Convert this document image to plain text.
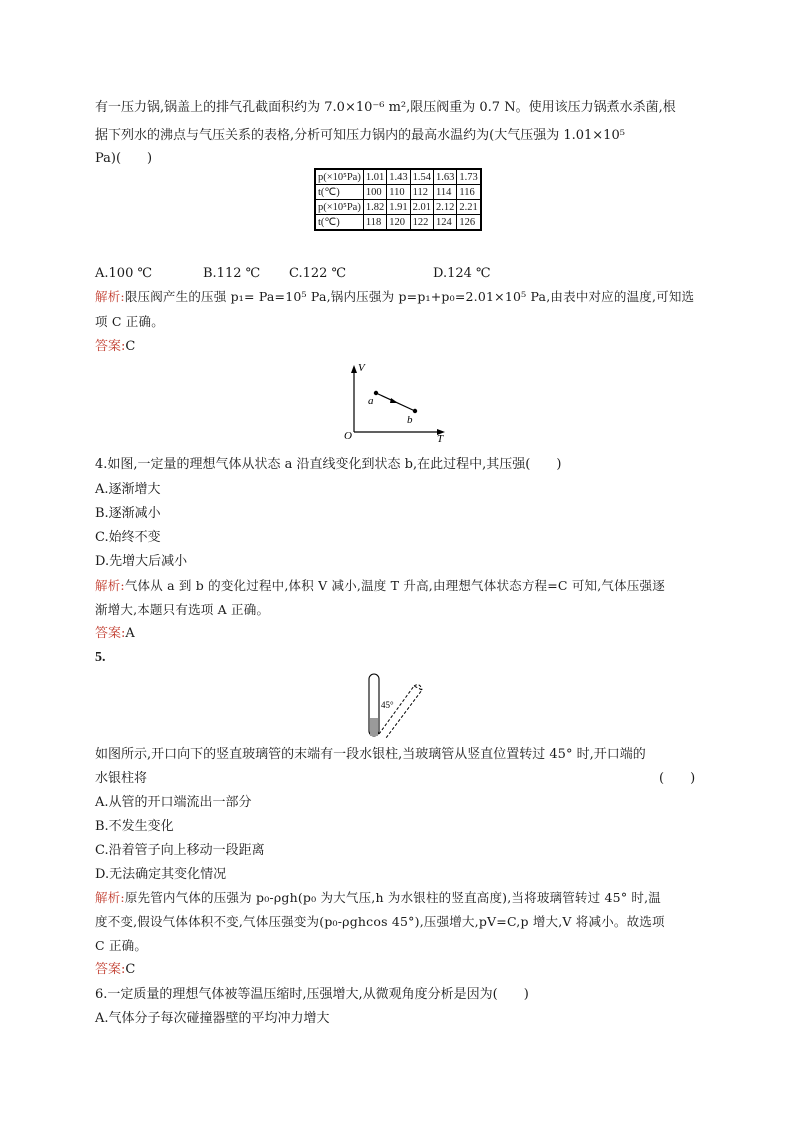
有一压力锅,锅盖上的排气孔截面积约为 7.0×10⁻⁶ m²,限压阀重为 0.7 N。使用该压力锅煮水杀菌,根
据下列水的沸点与气压关系的表格,分析可知压力锅内的最高水温约为(大气压强为 1.01×10⁵
Pa)(　　)
p(×10⁵Pa)	1.01	1.43	1.54	1.63	1.73
t(℃)	100	110	112	114	116
p(×10⁵Pa)	1.82	1.91	2.01	2.12	2.21
t(℃)	118	120	122	124	126
A.100 ℃	B.112 ℃ C.122 ℃	D.124 ℃
解析:限压阀产生的压强 p₁= Pa=10⁵ Pa,锅内压强为 p=p₁+p₀=2.01×10⁵ Pa,由表中对应的温度,可知选
项 C 正确。
答案:C
V
T
O
a
b
4.如图,一定量的理想气体从状态 a 沿直线变化到状态 b,在此过程中,其压强(　　)
A.逐渐增大
B.逐渐减小
C.始终不变
D.先增大后减小
解析:气体从 a 到 b 的变化过程中,体积 V 减小,温度 T 升高,由理想气体状态方程=C 可知,气体压强逐
渐增大,本题只有选项 A 正确。
答案:A
5.
45°
如图所示,开口向下的竖直玻璃管的末端有一段水银柱,当玻璃管从竖直位置转过 45° 时,开口端的
水银柱将	(　　)
A.从管的开口端流出一部分
B.不发生变化
C.沿着管子向上移动一段距离
D.无法确定其变化情况
解析:原先管内气体的压强为 p₀-ρgh(p₀ 为大气压,h 为水银柱的竖直高度),当将玻璃管转过 45° 时,温
度不变,假设气体体积不变,气体压强变为(p₀-ρghcos 45°),压强增大,pV=C,p 增大,V 将减小。故选项
C 正确。
答案:C
6.一定质量的理想气体被等温压缩时,压强增大,从微观角度分析是因为(　　)
A.气体分子每次碰撞器壁的平均冲力增大
